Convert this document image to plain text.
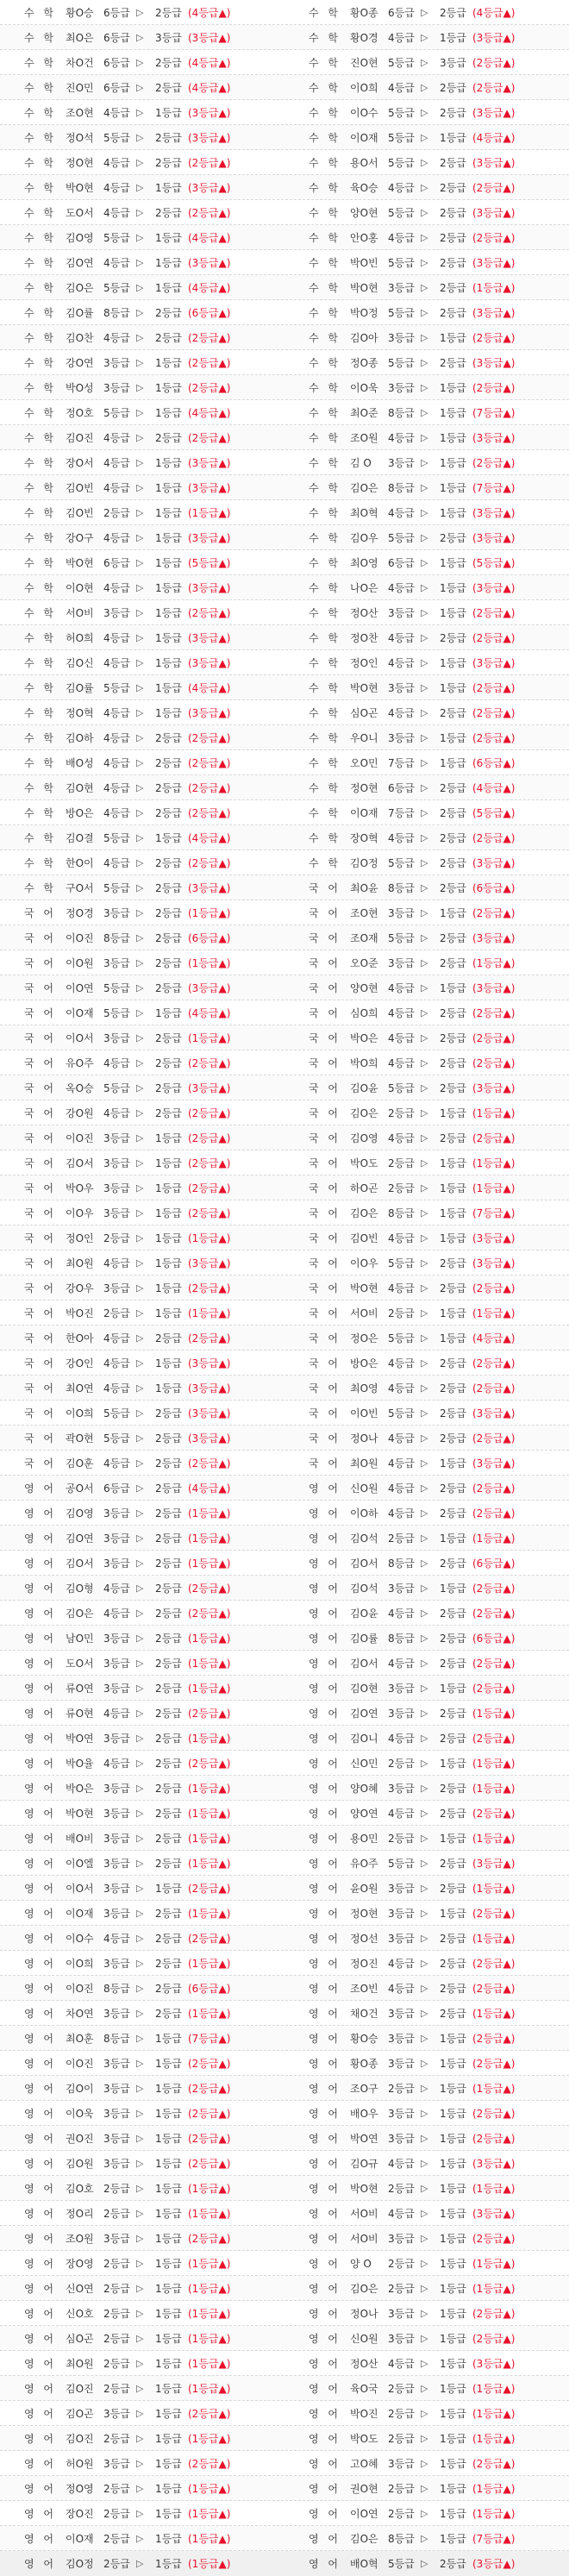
수 학 황O승 6등급 ▷	2등급 (4등급▲)	수 학 황O종 6등급 ▷	2등급 (4등급▲)
수 학 최O은 6등급 ▷	3등급 (3등급▲)	수 학 황O경 4등급 ▷	1등급 (3등급▲)
수 학 차O건 6등급 ▷	2등급 (4등급▲)	수 학 진O현 5등급 ▷	3등급 (2등급▲)
수 학 진O민 6등급 ▷	2등급 (4등급▲)	수 학 이O희 4등급 ▷	2등급 (2등급▲)
수 학 조O현 4등급 ▷	1등급 (3등급▲)	수 학 이O수 5등급 ▷	2등급 (3등급▲)
수 학 정O석 5등급 ▷	2등급 (3등급▲)	수 학 이O재 5등급 ▷	1등급 (4등급▲)
수 학 정O현 4등급 ▷	2등급 (2등급▲)	수 학 용O서 5등급 ▷	2등급 (3등급▲)
수 학 박O현 4등급 ▷	1등급 (3등급▲)	수 학 육O승 4등급 ▷	2등급 (2등급▲)
수 학 도O서 4등급 ▷	2등급 (2등급▲)	수 학 양O현 5등급 ▷	2등급 (3등급▲)
수 학 김O영 5등급 ▷	1등급 (4등급▲)	수 학 안O홍 4등급 ▷	2등급 (2등급▲)
수 학 김O연 4등급 ▷	1등급 (3등급▲)	수 학 박O빈 5등급 ▷	2등급 (3등급▲)
수 학 김O은 5등급 ▷	1등급 (4등급▲)	수 학 박O현 3등급 ▷	2등급 (1등급▲)
수 학 김O률 8등급 ▷	2등급 (6등급▲)	수 학 박O정 5등급 ▷	2등급 (3등급▲)
수 학 김O찬 4등급 ▷	2등급 (2등급▲)	수 학 김O아 3등급 ▷	1등급 (2등급▲)
수 학 강O연 3등급 ▷	1등급 (2등급▲)	수 학 정O종 5등급 ▷	2등급 (3등급▲)
수 학 박O성 3등급 ▷	1등급 (2등급▲)	수 학 이O욱 3등급 ▷	1등급 (2등급▲)
수 학 정O호 5등급 ▷	1등급 (4등급▲)	수 학 최O준 8등급 ▷	1등급 (7등급▲)
수 학 김O진 4등급 ▷	2등급 (2등급▲)	수 학 조O원 4등급 ▷	1등급 (3등급▲)
수 학 장O서 4등급 ▷	1등급 (3등급▲)	수 학 김 O	3등급 ▷	1등급 (2등급▲)
수 학 김O빈 4등급 ▷	1등급 (3등급▲)	수 학 김O은 8등급 ▷	1등급 (7등급▲)
수 학 김O빈 2등급 ▷	1등급 (1등급▲)	수 학 최O혁 4등급 ▷	1등급 (3등급▲)
수 학 강O구 4등급 ▷	1등급 (3등급▲)	수 학 김O우 5등급 ▷	2등급 (3등급▲)
수 학 박O현 6등급 ▷	1등급 (5등급▲)	수 학 최O영 6등급 ▷	1등급 (5등급▲)
수 학 이O현 4등급 ▷	1등급 (3등급▲)	수 학 나O은 4등급 ▷	1등급 (3등급▲)
수 학 서O비 3등급 ▷	1등급 (2등급▲)	수 학 정O산 3등급 ▷	1등급 (2등급▲)
수 학 허O희 4등급 ▷	1등급 (3등급▲)	수 학 정O찬 4등급 ▷	2등급 (2등급▲)
수 학 김O신 4등급 ▷	1등급 (3등급▲)	수 학 정O인 4등급 ▷	1등급 (3등급▲)
수 학 김O률 5등급 ▷	1등급 (4등급▲)	수 학 박O현 3등급 ▷	1등급 (2등급▲)
수 학 정O혁 4등급 ▷	1등급 (3등급▲)	수 학 심O곤 4등급 ▷	2등급 (2등급▲)
수 학 김O하 4등급 ▷	2등급 (2등급▲)	수 학 우O니 3등급 ▷	1등급 (2등급▲)
수 학 배O성 4등급 ▷	2등급 (2등급▲)	수 학 오O민 7등급 ▷	1등급 (6등급▲)
수 학 김O현 4등급 ▷	2등급 (2등급▲)	수 학 정O현 6등급 ▷	2등급 (4등급▲)
수 학 방O은 4등급 ▷	2등급 (2등급▲)	수 학 이O재 7등급 ▷	2등급 (5등급▲)
수 학 김O결 5등급 ▷	1등급 (4등급▲)	수 학 장O혁 4등급 ▷	2등급 (2등급▲)
수 학 한O이 4등급 ▷	2등급 (2등급▲)	수 학 김O정 5등급 ▷	2등급 (3등급▲)
수 학 구O서 5등급 ▷	2등급 (3등급▲)	국 어 최O윤 8등급 ▷	2등급 (6등급▲)
국 어 정O경 3등급 ▷	2등급 (1등급▲)	국 어 조O현 3등급 ▷	1등급 (2등급▲)
국 어 이O진 8등급 ▷	2등급 (6등급▲)	국 어 조O재 5등급 ▷	2등급 (3등급▲)
국 어 이O원 3등급 ▷	2등급 (1등급▲)	국 어 오O준 3등급 ▷	2등급 (1등급▲)
국 어 이O연 5등급 ▷	2등급 (3등급▲)	국 어 양O현 4등급 ▷	1등급 (3등급▲)
국 어 이O재 5등급 ▷	1등급 (4등급▲)	국 어 심O희 4등급 ▷	2등급 (2등급▲)
국 어 이O서 3등급 ▷	2등급 (1등급▲)	국 어 박O은 4등급 ▷	2등급 (2등급▲)
국 어 유O주 4등급 ▷	2등급 (2등급▲)	국 어 박O희 4등급 ▷	2등급 (2등급▲)
국 어 옥O승 5등급 ▷	2등급 (3등급▲)	국 어 김O윤 5등급 ▷	2등급 (3등급▲)
국 어 강O원 4등급 ▷	2등급 (2등급▲)	국 어 김O은 2등급 ▷	1등급 (1등급▲)
국 어 이O진 3등급 ▷	1등급 (2등급▲)	국 어 김O영 4등급 ▷	2등급 (2등급▲)
국 어 김O서 3등급 ▷	1등급 (2등급▲)	국 어 박O도 2등급 ▷	1등급 (1등급▲)
국 어 박O우 3등급 ▷	1등급 (2등급▲)	국 어 하O곤 2등급 ▷	1등급 (1등급▲)
국 어 이O우 3등급 ▷	1등급 (2등급▲)	국 어 김O은 8등급 ▷	1등급 (7등급▲)
국 어 정O인 2등급 ▷	1등급 (1등급▲)	국 어 김O빈 4등급 ▷	1등급 (3등급▲)
국 어 최O원 4등급 ▷	1등급 (3등급▲)	국 어 이O우 5등급 ▷	2등급 (3등급▲)
국 어 강O우 3등급 ▷	1등급 (2등급▲)	국 어 박O현 4등급 ▷	2등급 (2등급▲)
국 어 박O진 2등급 ▷	1등급 (1등급▲)	국 어 서O비 2등급 ▷	1등급 (1등급▲)
국 어 한O아 4등급 ▷	2등급 (2등급▲)	국 어 정O은 5등급 ▷	1등급 (4등급▲)
국 어 강O인 4등급 ▷	1등급 (3등급▲)	국 어 방O은 4등급 ▷	2등급 (2등급▲)
국 어 최O연 4등급 ▷	1등급 (3등급▲)	국 어 최O영 4등급 ▷	2등급 (2등급▲)
국 어 이O희 5등급 ▷	2등급 (3등급▲)	국 어 이O빈 5등급 ▷	2등급 (3등급▲)
국 어 곽O현 5등급 ▷	2등급 (3등급▲)	국 어 정O나 4등급 ▷	2등급 (2등급▲)
국 어 김O훈 4등급 ▷	2등급 (2등급▲)	국 어 최O원 4등급 ▷	1등급 (3등급▲)
영 어 공O서 6등급 ▷	2등급 (4등급▲)	영 어 신O원 4등급 ▷	2등급 (2등급▲)
영 어 김O영 3등급 ▷	2등급 (1등급▲)	영 어 이O하 4등급 ▷	2등급 (2등급▲)
영 어 김O연 3등급 ▷	2등급 (1등급▲)	영 어 김O석 2등급 ▷	1등급 (1등급▲)
영 어 김O서 3등급 ▷	2등급 (1등급▲)	영 어 김O서 8등급 ▷	2등급 (6등급▲)
영 어 김O형 4등급 ▷	2등급 (2등급▲)	영 어 김O석 3등급 ▷	1등급 (2등급▲)
영 어 김O은 4등급 ▷	2등급 (2등급▲)	영 어 김O윤 4등급 ▷	2등급 (2등급▲)
영 어 남O민 3등급 ▷	2등급 (1등급▲)	영 어 김O률 8등급 ▷	2등급 (6등급▲)
영 어 도O서 3등급 ▷	2등급 (1등급▲)	영 어 김O서 4등급 ▷	2등급 (2등급▲)
영 어 류O연 3등급 ▷	2등급 (1등급▲)	영 어 김O현 3등급 ▷	1등급 (2등급▲)
영 어 류O현 4등급 ▷	2등급 (2등급▲)	영 어 김O연 3등급 ▷	2등급 (1등급▲)
영 어 박O연 3등급 ▷	2등급 (1등급▲)	영 어 김O니 4등급 ▷	2등급 (2등급▲)
영 어 박O율 4등급 ▷	2등급 (2등급▲)	영 어 신O민 2등급 ▷	1등급 (1등급▲)
영 어 박O은 3등급 ▷	2등급 (1등급▲)	영 어 양O혜 3등급 ▷	2등급 (1등급▲)
영 어 박O현 3등급 ▷	2등급 (1등급▲)	영 어 양O연 4등급 ▷	2등급 (2등급▲)
영 어 배O비 3등급 ▷	2등급 (1등급▲)	영 어 용O민 2등급 ▷	1등급 (1등급▲)
영 어 이O엘 3등급 ▷	2등급 (1등급▲)	영 어 유O주 5등급 ▷	2등급 (3등급▲)
영 어 이O서 3등급 ▷	1등급 (2등급▲)	영 어 윤O원 3등급 ▷	2등급 (1등급▲)
영 어 이O재 3등급 ▷	2등급 (1등급▲)	영 어 정O현 3등급 ▷	1등급 (2등급▲)
영 어 이O수 4등급 ▷	2등급 (2등급▲)	영 어 정O선 3등급 ▷	2등급 (1등급▲)
영 어 이O희 3등급 ▷	2등급 (1등급▲)	영 어 정O진 4등급 ▷	2등급 (2등급▲)
영 어 이O진 8등급 ▷	2등급 (6등급▲)	영 어 조O빈 4등급 ▷	2등급 (2등급▲)
영 어 차O연 3등급 ▷	2등급 (1등급▲)	영 어 채O건 3등급 ▷	2등급 (1등급▲)
영 어 최O훈 8등급 ▷	1등급 (7등급▲)	영 어 황O승 3등급 ▷	1등급 (2등급▲)
영 어 이O진 3등급 ▷	1등급 (2등급▲)	영 어 황O종 3등급 ▷	1등급 (2등급▲)
영 어 김O이 3등급 ▷	1등급 (2등급▲)	영 어 조O구 2등급 ▷	1등급 (1등급▲)
영 어 이O욱 3등급 ▷	1등급 (2등급▲)	영 어 배O우 3등급 ▷	1등급 (2등급▲)
영 어 권O진 3등급 ▷	1등급 (2등급▲)	영 어 박O연 3등급 ▷	1등급 (2등급▲)
영 어 김O원 3등급 ▷	1등급 (2등급▲)	영 어 김O규 4등급 ▷	1등급 (3등급▲)
영 어 김O호 2등급 ▷	1등급 (1등급▲)	영 어 박O현 2등급 ▷	1등급 (1등급▲)
영 어 정O리 2등급 ▷	1등급 (1등급▲)	영 어 서O비 4등급 ▷	1등급 (3등급▲)
영 어 조O원 3등급 ▷	1등급 (2등급▲)	영 어 서O비 3등급 ▷	1등급 (2등급▲)
영 어 장O영 2등급 ▷	1등급 (1등급▲)	영 어 양 O	2등급 ▷	1등급 (1등급▲)
영 어 신O연 2등급 ▷	1등급 (1등급▲)	영 어 김O은 2등급 ▷	1등급 (1등급▲)
영 어 신O호 2등급 ▷	1등급 (1등급▲)	영 어 정O나 3등급 ▷	1등급 (2등급▲)
영 어 심O곤 2등급 ▷	1등급 (1등급▲)	영 어 신O원 3등급 ▷	1등급 (2등급▲)
영 어 최O원 2등급 ▷	1등급 (1등급▲)	영 어 정O산 4등급 ▷	1등급 (3등급▲)
영 어 김O진 2등급 ▷	1등급 (1등급▲)	영 어 육O국 2등급 ▷	1등급 (1등급▲)
영 어 김O곤 3등급 ▷	1등급 (2등급▲)	영 어 박O진 2등급 ▷	1등급 (1등급▲)
영 어 김O진 2등급 ▷	1등급 (1등급▲)	영 어 박O도 2등급 ▷	1등급 (1등급▲)
영 어 허O원 3등급 ▷	1등급 (2등급▲)	영 어 고O혜 3등급 ▷	1등급 (2등급▲)
영 어 정O영 2등급 ▷	1등급 (1등급▲)	영 어 권O현 2등급 ▷	1등급 (1등급▲)
영 어 장O진 2등급 ▷	1등급 (1등급▲)	영 어 이O연 2등급 ▷	1등급 (1등급▲)
영 어 이O재 2등급 ▷	1등급 (1등급▲)	영 어 김O은 8등급 ▷	1등급 (7등급▲)
영 어 김O정 2등급 ▷	1등급 (1등급▲)	영 어 배O혁 5등급 ▷	2등급 (3등급▲)
